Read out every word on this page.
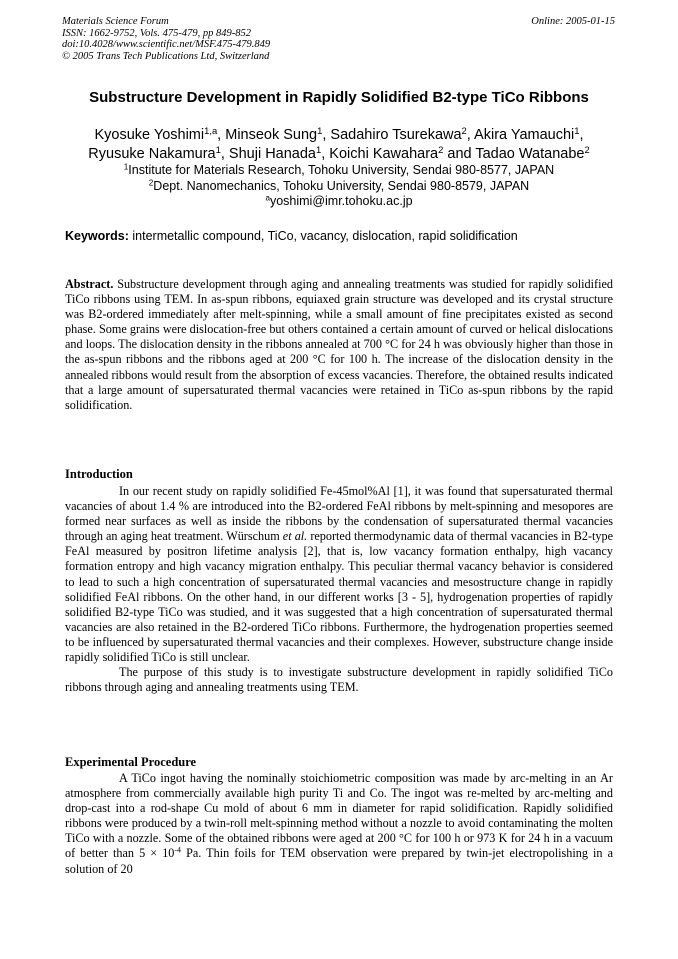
Materials Science Forum
ISSN: 1662-9752, Vols. 475-479, pp 849-852
doi:10.4028/www.scientific.net/MSF.475-479.849
© 2005 Trans Tech Publications Ltd, Switzerland
Online: 2005-01-15
Substructure Development in Rapidly Solidified B2-type TiCo Ribbons
Kyosuke Yoshimi$^{1,a}$, Minseok Sung$^1$, Sadahiro Tsurekawa$^2$, Akira Yamauchi$^1$,
Ryusuke Nakamura$^1$, Shuji Hanada$^1$, Koichi Kawahara$^2$ and Tadao Watanabe$^2$
$^1$Institute for Materials Research, Tohoku University, Sendai 980-8577, JAPAN
$^2$Dept. Nanomechanics, Tohoku University, Sendai 980-8579, JAPAN
$^a$yoshimi@imr.tohoku.ac.jp
Keywords: intermetallic compound, TiCo, vacancy, dislocation, rapid solidification

Abstract. Substructure development through aging and annealing treatments was studied for rapidly solidified TiCo ribbons using TEM. In as-spun ribbons, equiaxed grain structure was developed and its crystal structure was B2-ordered immediately after melt-spinning, while a small amount of fine precipitates existed as second phase. Some grains were dislocation-free but others contained a certain amount of curved or helical dislocations and loops. The dislocation density in the ribbons annealed at 700 °C for 24 h was obviously higher than those in the as-spun ribbons and the ribbons aged at 200 °C for 100 h. The increase of the dislocation density in the annealed ribbons would result from the absorption of excess vacancies. Therefore, the obtained results indicated that a large amount of supersaturated thermal vacancies were retained in TiCo as-spun ribbons by the rapid solidification.

Introduction

In our recent study on rapidly solidified Fe-45mol%Al [1], it was found that supersaturated thermal vacancies of about 1.4 % are introduced into the B2-ordered FeAl ribbons by melt-spinning and mesopores are formed near surfaces as well as inside the ribbons by the condensation of supersaturated thermal vacancies through an aging heat treatment. Würschum et al. reported thermodynamic data of thermal vacancies in B2-type FeAl measured by positron lifetime analysis [2], that is, low vacancy formation enthalpy, high vacancy formation entropy and high vacancy migration enthalpy. This peculiar thermal vacancy behavior is considered to lead to such a high concentration of supersaturated thermal vacancies and mesostructure change in rapidly solidified FeAl ribbons. On the other hand, in our different works [3 - 5], hydrogenation properties of rapidly solidified B2-type TiCo was studied, and it was suggested that a high concentration of supersaturated thermal vacancies are also retained in the B2-ordered TiCo ribbons. Furthermore, the hydrogenation properties seemed to be influenced by supersaturated thermal vacancies and their complexes. However, substructure change inside rapidly solidified TiCo is still unclear.

The purpose of this study is to investigate substructure development in rapidly solidified TiCo ribbons through aging and annealing treatments using TEM.

Experimental Procedure

A TiCo ingot having the nominally stoichiometric composition was made by arc-melting in an Ar atmosphere from commercially available high purity Ti and Co. The ingot was re-melted by arc-melting and drop-cast into a rod-shape Cu mold of about 6 mm in diameter for rapid solidification. Rapidly solidified ribbons were produced by a twin-roll melt-spinning method without a nozzle to avoid contaminating the molten TiCo with a nozzle. Some of the obtained ribbons were aged at 200 °C for 100 h or 973 K for 24 h in a vacuum of better than $5 \times 10^{-4}$ Pa. Thin foils for TEM observation were prepared by twin-jet electropolishing in a solution of 20
